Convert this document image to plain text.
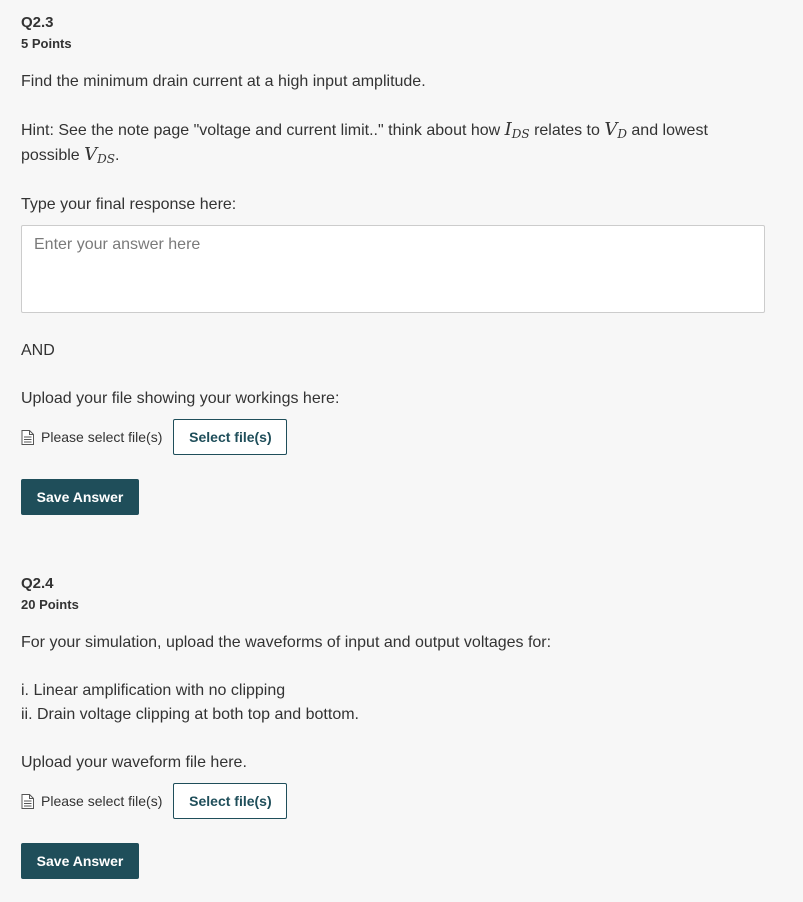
Q2.3
5 Points
Find the minimum drain current at a high input amplitude.
Hint: See the note page "voltage and current limit.." think about how $I_{DS}$ relates to $V_D$ and lowest possible $V_{DS}$.
Type your final response here:
Enter your answer here
AND
Upload your file showing your workings here:
Please select file(s)	Select file(s)
Save Answer
Q2.4
20 Points
For your simulation, upload the waveforms of input and output voltages for:
i. Linear amplification with no clipping
ii. Drain voltage clipping at both top and bottom.
Upload your waveform file here.
Please select file(s)	Select file(s)
Save Answer
